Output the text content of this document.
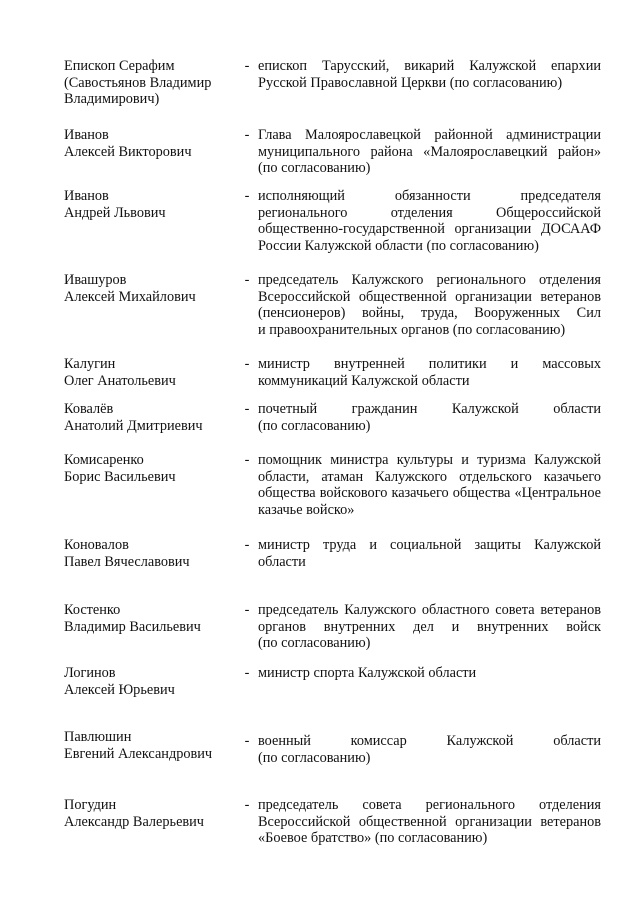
Епископ Серафим
(Савостьянов Владимир
Владимирович)
- епископ Тарусский, викарий Калужской епархии
Русской Православной Церкви (по согласованию)
Иванов
Алексей Викторович
- Глава Малоярославецкой районной администрации
муниципального района «Малоярославецкий район»
(по согласованию)
Иванов
Андрей Львович
- исполняющий обязанности председателя
регионального отделения Общероссийской
общественно-государственной организации ДОСААФ
России Калужской области (по согласованию)
Ивашуров
Алексей Михайлович
- председатель Калужского регионального отделения
Всероссийской общественной организации ветеранов
(пенсионеров) войны, труда, Вооруженных Сил
и правоохранительных органов (по согласованию)
Калугин
Олег Анатольевич
- министр внутренней политики и массовых
коммуникаций Калужской области
Ковалёв
Анатолий Дмитриевич
- почетный гражданин Калужской области
(по согласованию)
Комисаренко
Борис Васильевич
- помощник министра культуры и туризма Калужской
области, атаман Калужского отдельского казачьего
общества войскового казачьего общества «Центральное
казачье войско»
Коновалов
Павел Вячеславович
- министр труда и социальной защиты Калужской области
Костенко
Владимир Васильевич
- председатель Калужского областного совета ветеранов
органов внутренних дел и внутренних войск
(по согласованию)
Логинов
Алексей Юрьевич
- министр спорта Калужской области
Павлюшин
Евгений Александрович
- военный комиссар Калужской области
(по согласованию)
Погудин
Александр Валерьевич
- председатель совета регионального отделения
Всероссийской общественной организации ветеранов
«Боевое братство» (по согласованию)
